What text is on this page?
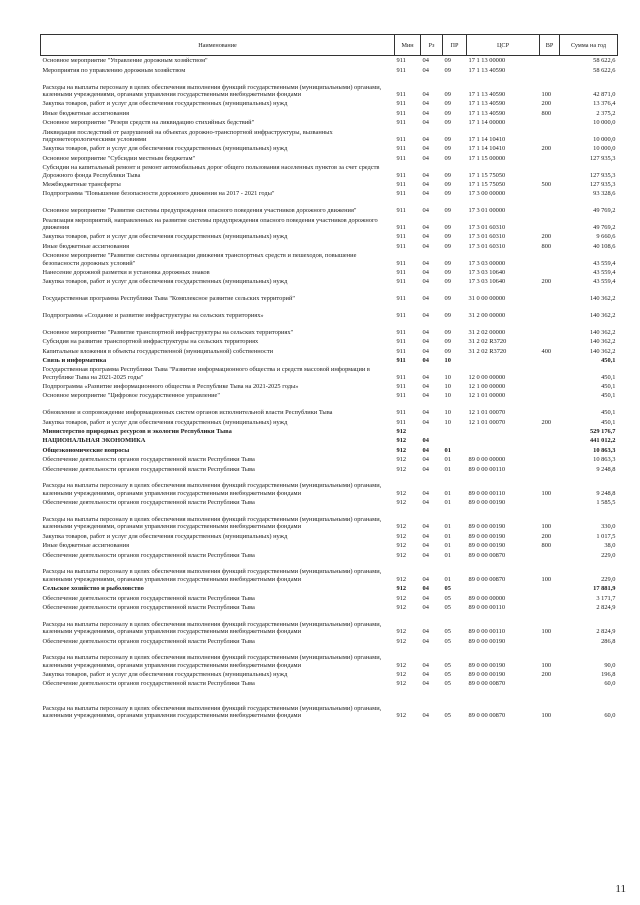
Наименование	Мин	Рз	ПР	ЦСР	ВР	Сумма на год
Основное мероприятие "Управление дорожным хозяйством"	911	04	09	17 1 13 00000		58 622,6
Мероприятия по управлению дорожным хозяйством	911	04	09	17 1 13 40590		58 622,6
Расходы на выплаты персоналу в целях обеспечения выполнения функций государственными (муниципальными) органами, казенными учреждениями, органами управления государственными внебюджетными фондами	911	04	09	17 1 13 40590	100	42 871,0
Закупка товаров, работ и услуг для обеспечения государственных (муниципальных) нужд	911	04	09	17 1 13 40590	200	13 376,4
Иные бюджетные ассигнования	911	04	09	17 1 13 40590	800	2 375,2
Основное мероприятие "Резерв средств на ликвидацию стихийных бедствий"	911	04	09	17 1 14 00000		10 000,0
Ликвидация последствий от разрушений на объектах дорожно-транспортной инфраструктуры, вызванных гидрометеорологическими условиями	911	04	09	17 1 14 10410		10 000,0
Закупка товаров, работ и услуг для обеспечения государственных (муниципальных) нужд	911	04	09	17 1 14 10410	200	10 000,0
Основное мероприятие "Субсидии местным бюджетам"	911	04	09	17 1 15 00000		127 935,3
Субсидии на капитальный ремонт и ремонт автомобильных дорог общего пользования населенных пунктов за счет средств Дорожного фонда Республики Тыва	911	04	09	17 1 15 75050		127 935,3
Межбюджетные трансферты	911	04	09	17 1 15 75050	500	127 935,3
Подпрограмма "Повышение безопасности дорожного движения на 2017 - 2021 годы"	911	04	09	17 3 00 00000		93 328,6
Основное мероприятие "Развитие системы предупреждения опасного поведения участников дорожного движения"	911	04	09	17 3 01 00000		49 769,2
Реализация мероприятий, направленных на развитие системы предупреждения опасного поведения участников дорожного движения	911	04	09	17 3 01 60310		49 769,2
Закупка товаров, работ и услуг для обеспечения государственных (муниципальных) нужд	911	04	09	17 3 01 60310	200	9 660,6
Иные бюджетные ассигнования	911	04	09	17 3 01 60310	800	40 108,6
Основное мероприятие "Развитие системы организации движения транспортных средств и пешеходов, повышение безопасности дорожных условий"	911	04	09	17 3 03 00000		43 559,4
Нанесение дорожной разметки и установка дорожных знаков	911	04	09	17 3 03 10640		43 559,4
Закупка товаров, работ и услуг для обеспечения государственных (муниципальных) нужд	911	04	09	17 3 03 10640	200	43 559,4
Государственная программа Республики Тыва "Комплексное развитие сельских территорий"	911	04	09	31 0 00 00000		140 362,2
Подпрограмма «Создание и развитие инфраструктуры на сельских территориях»	911	04	09	31 2 00 00000		140 362,2
Основное мероприятие "Развитие транспортной инфраструктуры на сельских территориях"	911	04	09	31 2 02 00000		140 362,2
Субсидия на развитие транспортной инфраструктуры на сельских территориях	911	04	09	31 2 02 R3720		140 362,2
Капитальные вложения в объекты государственной (муниципальной) собственности	911	04	09	31 2 02 R3720	400	140 362,2
Связь и информатика	911	04	10			450,1
Государственная программа Республики Тыва "Развитие информационного общества и средств массовой информации в Республике Тыва на 2021-2025 годы"	911	04	10	12 0 00 00000		450,1
Подпрограмма «Развитие информационного общества в Республике Тыва на 2021-2025 годы»	911	04	10	12 1 00 00000		450,1
Основное мероприятие "Цифровое государственное управление"	911	04	10	12 1 01 00000		450,1
Обновление и сопровождение информационных систем органов исполнительной власти Республики Тыва	911	04	10	12 1 01 00070		450,1
Закупка товаров, работ и услуг для обеспечения государственных (муниципальных) нужд	911	04	10	12 1 01 00070	200	450,1
Министерство природных ресурсов и экологии Республики Тыва	912					529 176,7
НАЦИОНАЛЬНАЯ ЭКОНОМИКА	912	04				441 012,2
Общеэкономические вопросы	912	04	01			10 863,3
Обеспечение деятельности органов государственной власти Республики Тыва	912	04	01	89 0 00 00000		10 863,3
Обеспечение деятельности органов государственной власти Республики Тыва	912	04	01	89 0 00 00110		9 248,8
Расходы на выплаты персоналу в целях обеспечения выполнения функций государственными (муниципальными) органами, казенными учреждениями, органами управления государственными внебюджетными фондами	912	04	01	89 0 00 00110	100	9 248,8
Обеспечение деятельности органов государственной власти Республики Тыва	912	04	01	89 0 00 00190		1 585,5
Расходы на выплаты персоналу в целях обеспечения выполнения функций государственными (муниципальными) органами, казенными учреждениями, органами управления государственными внебюджетными фондами	912	04	01	89 0 00 00190	100	330,0
Закупка товаров, работ и услуг для обеспечения государственных (муниципальных) нужд	912	04	01	89 0 00 00190	200	1 017,5
Иные бюджетные ассигнования	912	04	01	89 0 00 00190	800	38,0
Обеспечение деятельности органов государственной власти Республики Тыва	912	04	01	89 0 00 00870		229,0
Расходы на выплаты персоналу в целях обеспечения выполнения функций государственными (муниципальными) органами, казенными учреждениями, органами управления государственными внебюджетными фондами	912	04	01	89 0 00 00870	100	229,0
Сельское хозяйство и рыболовство	912	04	05			17 881,9
Обеспечение деятельности органов государственной власти Республики Тыва	912	04	05	89 0 00 00000		3 171,7
Обеспечение деятельности органов государственной власти Республики Тыва	912	04	05	89 0 00 00110		2 824,9
Расходы на выплаты персоналу в целях обеспечения выполнения функций государственными (муниципальными) органами, казенными учреждениями, органами управления государственными внебюджетными фондами	912	04	05	89 0 00 00110	100	2 824,9
Обеспечение деятельности органов государственной власти Республики Тыва	912	04	05	89 0 00 00190		286,8
Расходы на выплаты персоналу в целях обеспечения выполнения функций государственными (муниципальными) органами, казенными учреждениями, органами управления государственными внебюджетными фондами	912	04	05	89 0 00 00190	100	90,0
Закупка товаров, работ и услуг для обеспечения государственных (муниципальных) нужд	912	04	05	89 0 00 00190	200	196,8
Обеспечение деятельности органов государственной власти Республики Тыва	912	04	05	89 0 00 00870		60,0
Расходы на выплаты персоналу в целях обеспечения выполнения функций государственными (муниципальными) органами, казенными учреждениями, органами управления государственными внебюджетными фондами	912	04	05	89 0 00 00870	100	60,0
11
